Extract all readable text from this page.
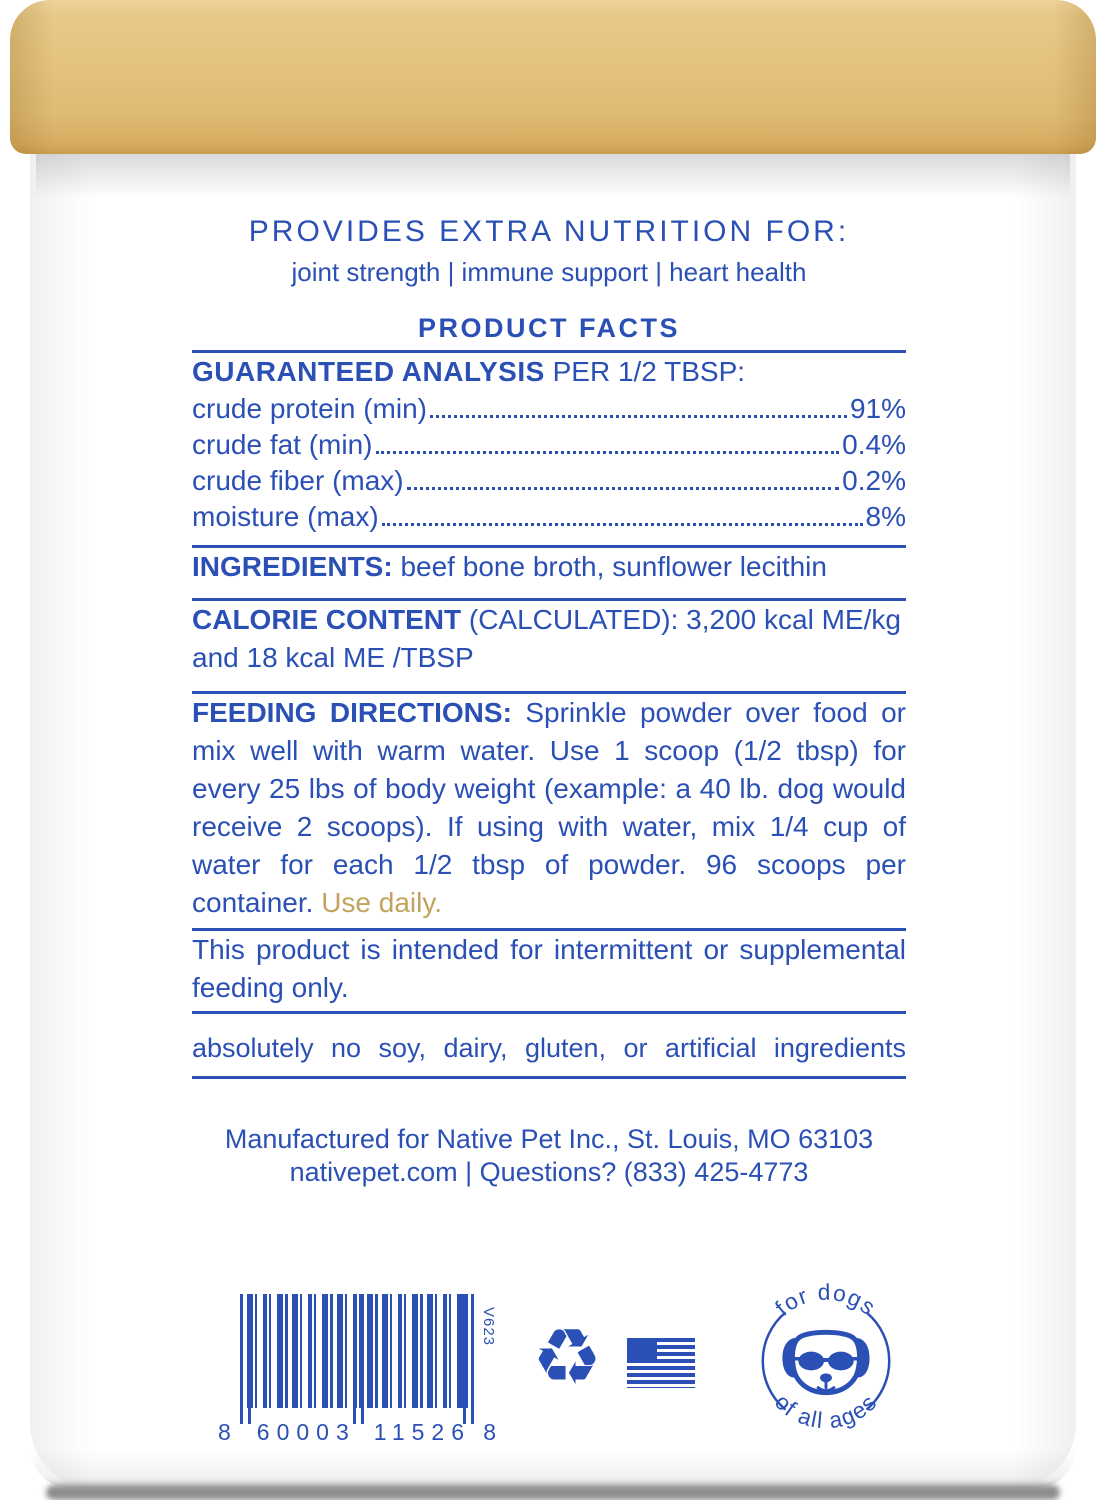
PROVIDES EXTRA NUTRITION FOR:
joint strength | immune support | heart health
PRODUCT FACTS

GUARANTEED ANALYSIS PER 1/2 TBSP:

crude protein (min)	91%
crude fat (min)	0.4%
crude fiber (max)	0.2%
moisture (max)	8%

INGREDIENTS: beef bone broth, sunflower lecithin

CALORIE CONTENT (CALCULATED): 3,200 kcal ME/kg and 18 kcal ME /TBSP

FEEDING DIRECTIONS: Sprinkle powder over food or mix well with warm water. Use 1 scoop (1/2 tbsp) for every 25 lbs of body weight (example: a 40 lb. dog would receive 2 scoops). If using with water, mix 1/4 cup of water for each 1/2 tbsp of powder. 96 scoops per container. Use daily.

This product is intended for intermittent or supplemental feeding only.

absolutely no soy, dairy, gluten, or artificial ingredients
Manufactured for Native Pet Inc., St. Louis, MO 63103
nativepet.com | Questions? (833) 425-4773
8 60003 11526 8
V623 ♻
for dogs
of all ages
